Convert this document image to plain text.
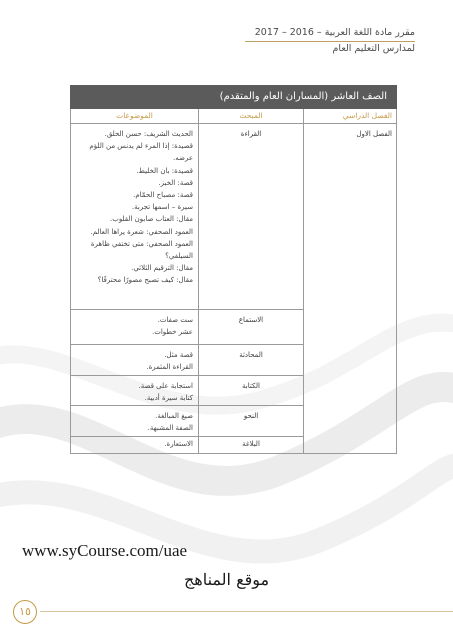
مقرر مادة اللغة العربية – 2016 – 2017
لمدارس التعليم العام
الصف العاشر (المساران العام والمتقدم)
الفصل الدراسي
المبحث
الموضوعات
الفصل الاول
القراءة
الحديث الشريف: حسن الخلق.
قصيدة: إذا المرء لم يدنس من اللؤم عرضه.
قصيدة: بان الخليط.
قصة: الخبز.
قصة: مصباح الحمّام.
سيرة – اسمها تجربة.
مقال: العتاب صابون القلوب.
العمود الصحفي: شعرة يراها العالم.
العمود الصحفي: متى تختفي ظاهرة السيلفي؟
مقال: الترقيم الثلاثي.
مقال: كيف تصبح مصورًا محترفًا؟
الاستماع
ست صفات.
عشر خطوات.
المحادثة
قصة مثل.
القراءة المثمرة.
الكتابة
استجابة على قصة.
كتابة سيرة أدبية.
النحو
صيغ المبالغة.
الصفة المشبهة.
البلاغة
الاستعارة.
www.syCourse.com/uae
موقع المناهج
١٥
